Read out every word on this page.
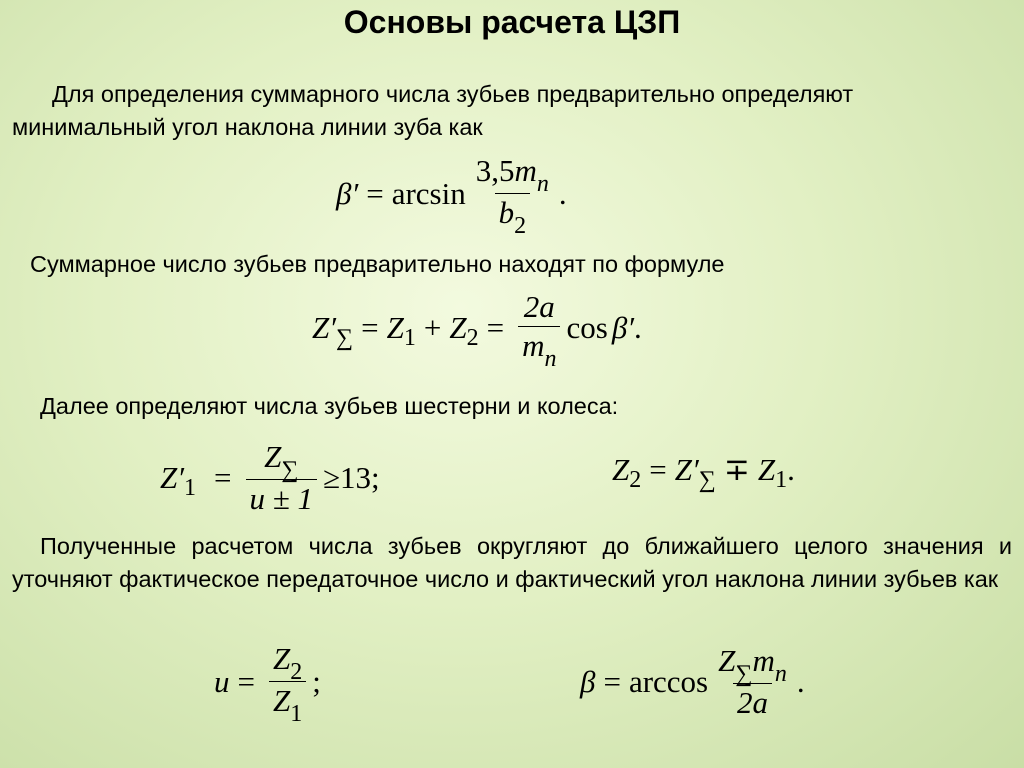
Основы расчета ЦЗП
Для определения суммарного числа зубьев предварительно определяют
минимальный угол наклона линии зуба как
$\beta' = \arcsin \frac{3,5m_n}{b_2}$ .
Суммарное число зубьев предварительно находят по формуле
Z′ ∑ = Z 1 + Z $2 = \frac{2a}{m_n}$ cos β′ .
Далее определяют числа зубьев шестерни и колеса:
Z′ $1 = \frac{Z_\sum}{u \pm 1} \ge 13$ ;	Z 2 = Z′ ∑ ∓ Z 1 .
Полученные расчетом числа зубьев округляют до ближайшего целого значения и уточняют фактическое передаточное число и фактический угол наклона линии зубьев как
$u = \frac{Z_2}{Z_1}$ ;	$\beta = \arccos \frac{Z_\sum m_n}{2a}$ .
